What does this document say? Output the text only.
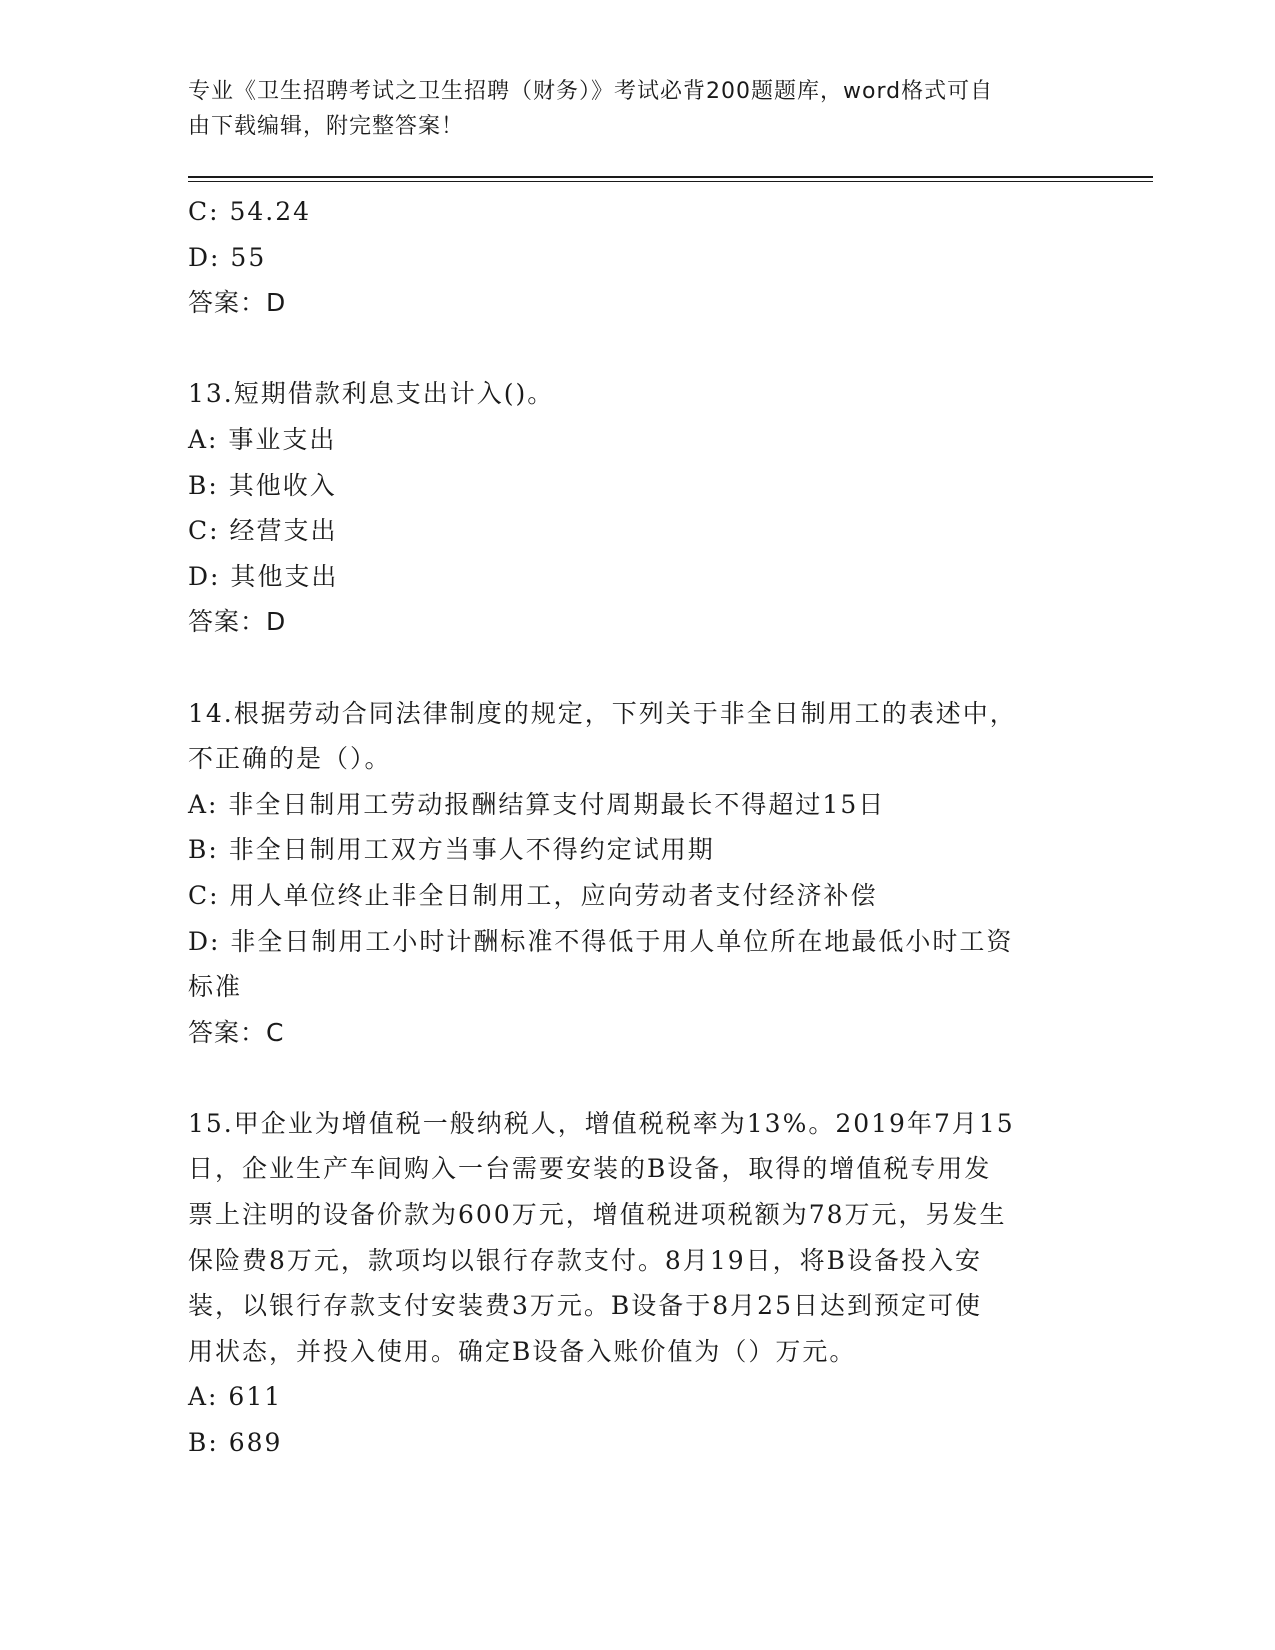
专业《卫生招聘考试之卫生招聘（财务）》考试必背200题题库，word格式可自
由下载编辑，附完整答案！
C: 54.24
D: 55
答案：D
13.短期借款利息支出计入()。
A: 事业支出
B: 其他收入
C: 经营支出
D: 其他支出
答案：D
14.根据劳动合同法律制度的规定，下列关于非全日制用工的表述中，
不正确的是（）。
A: 非全日制用工劳动报酬结算支付周期最长不得超过15日
B: 非全日制用工双方当事人不得约定试用期
C: 用人单位终止非全日制用工，应向劳动者支付经济补偿
D: 非全日制用工小时计酬标准不得低于用人单位所在地最低小时工资
标准
答案：C
15.甲企业为增值税一般纳税人，增值税税率为13%。2019年7月15
日，企业生产车间购入一台需要安装的B设备，取得的增值税专用发
票上注明的设备价款为600万元，增值税进项税额为78万元，另发生
保险费8万元，款项均以银行存款支付。8月19日，将B设备投入安
装，以银行存款支付安装费3万元。B设备于8月25日达到预定可使
用状态，并投入使用。确定B设备入账价值为（）万元。
A: 611
B: 689
